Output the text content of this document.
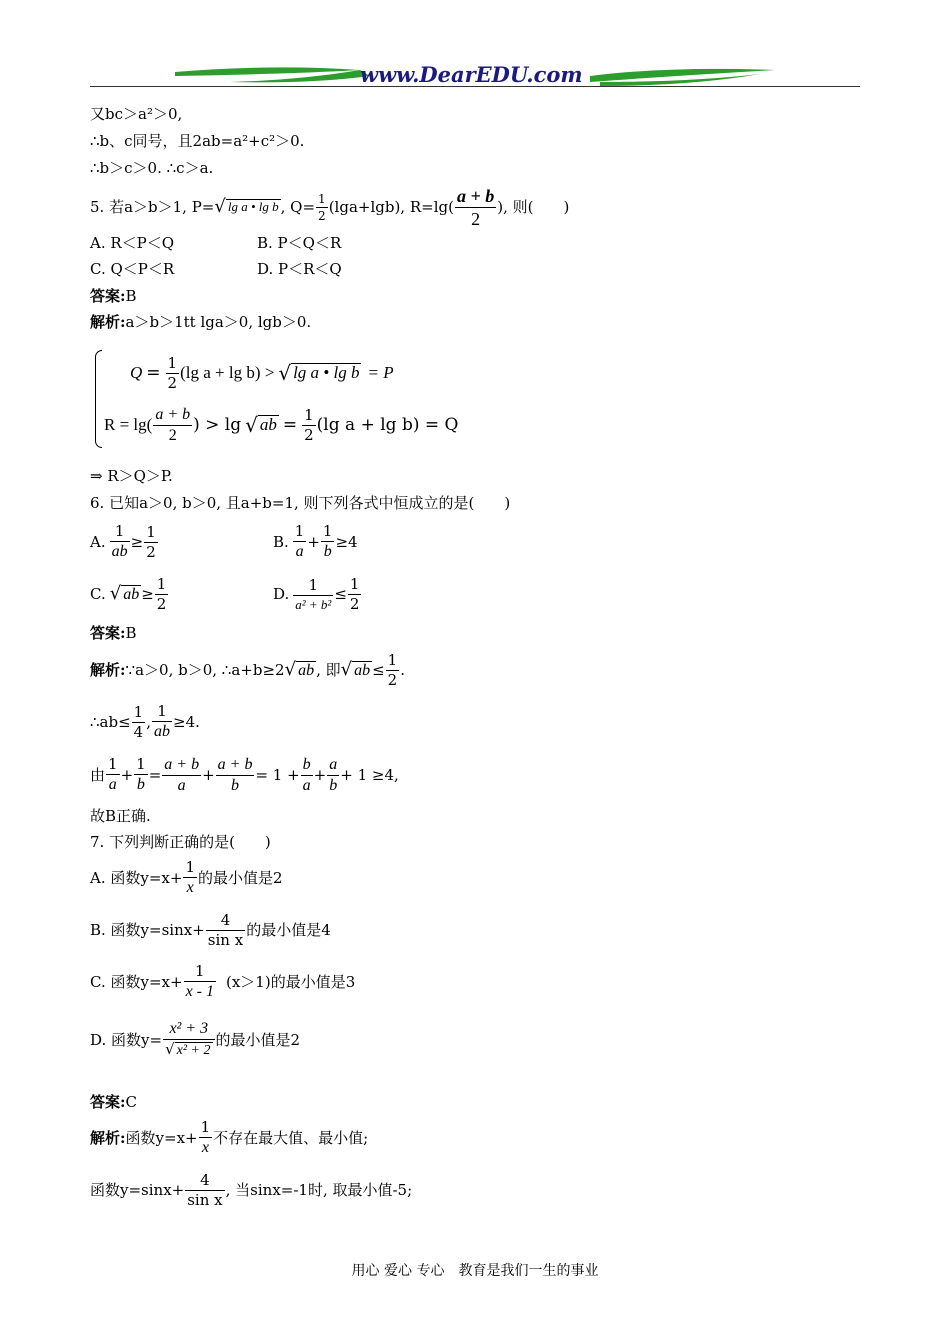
www.DearEDU.com
又bc＞a²＞0,
∴b、c同号，且2ab=a²+c²＞0.
∴b＞c＞0. ∴c＞a.
5. 若a＞b＞1, P= √ lg a • lg b , $Q= \frac{1}{2} (\lg a+\lg b)$, R=lg(
a + b
2
), 则(　　)
A. R＜P＜Q	B. P＜Q＜R
C. Q＜P＜R	D. P＜R＜Q
答案:B
解析:a＞b＞1tt lga＞0, lgb＞0.
$Q = \frac{1}{2} (\lg$ a + lg b) > √ lg a • lg b = P
R = lg(
a + b
2 ) > lg √ ab = $\frac{1}{2} (\lg$ a + lg b) = Q
⇒ R＞Q＞P.
6. 已知a＞0, b＞0, 且a+b=1, 则下列各式中恒成立的是(　　)
A. $\frac{1}{ab} \ge \frac{1}{2}$	B.
1
a
+ $\frac{1}{b} \ge 4$
C. √ ab ≥ $\frac{1}{2}$	D. $\frac{1}{\text{a² + b²}} \le \frac{1}{2}$
答案:B
解析: ∵a＞0, b＞0, ∴a+b≥2 √ ab , 即 √ ab ≤ $\frac{1}{2}$ .
∴ab≤ $\frac{1}{4}$ , $\frac{1}{ab} \ge 4$.
由
1
a
+ $\frac{1}{b} = \frac{a + b}{a} + \frac{a + b}{b} = 1 + \frac{b}{a} + \frac{a}{b} + 1 \ge 4$,
故B正确.
7. 下列判断正确的是(　　)
A. 函数$y=x+ \frac{1}{x}$ 的最小值是2
B. 函数$y=\sin x+ \frac{4}{\text{sin x}}$ 的最小值是4
C. 函数$y=x+ \frac{1}{x - 1} (x>1)$的最小值是3
D. 函数$y= \frac{\text{x² + 3}}{\text{√ x² + 2}}$ 的最小值是2
答案:C
解析: 函数$y=x+ \frac{1}{x}$ 不存在最大值、最小值;
函数$y=\sin x+ \frac{4}{\text{sin x}}$ , 当sinx=-1时, 取最小值-5;
用心 爱心 专心　教育是我们一生的事业
